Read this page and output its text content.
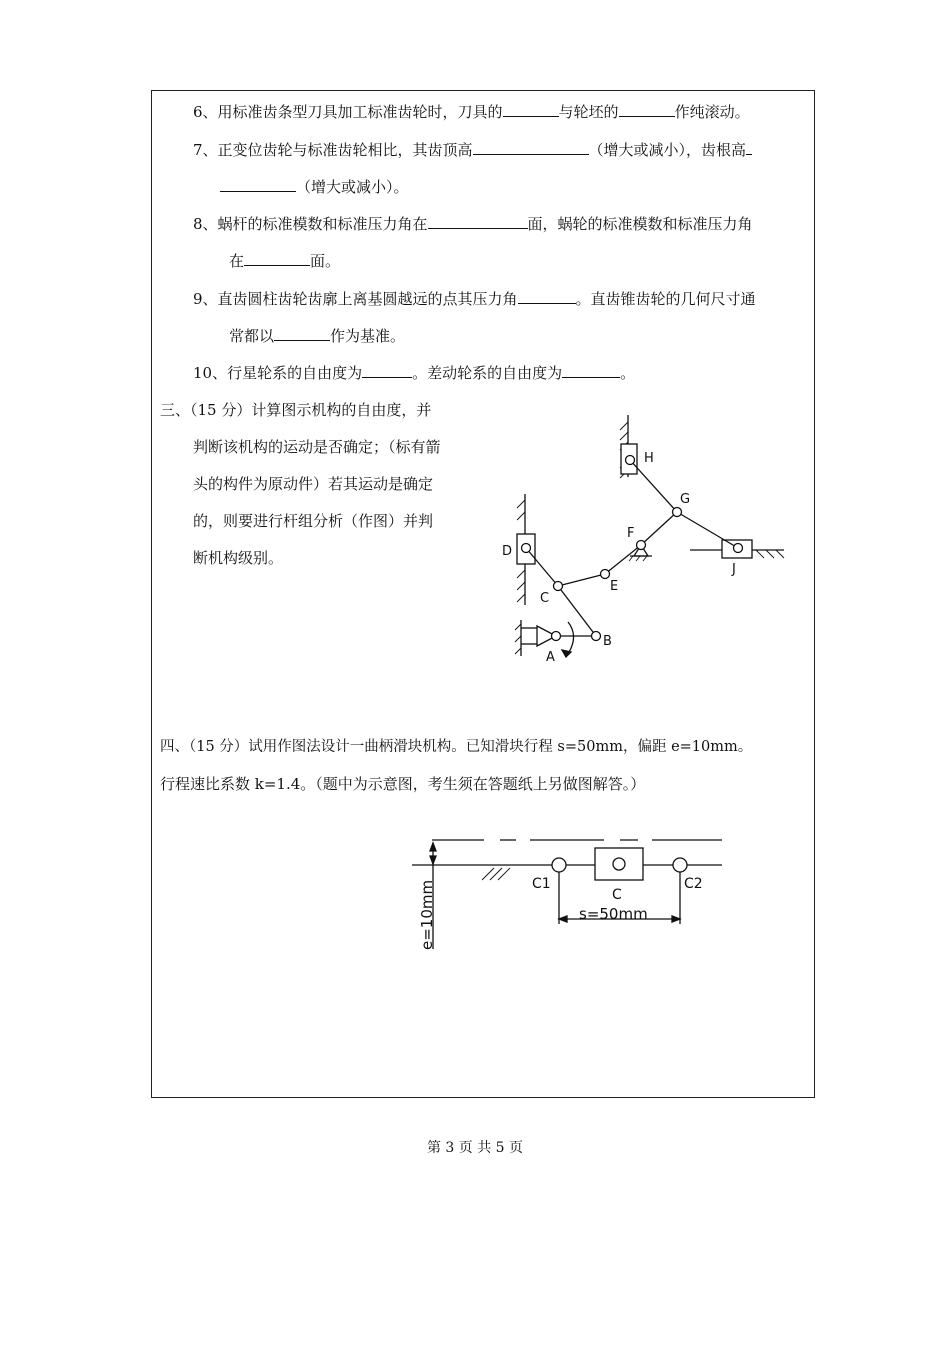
6、用标准齿条型刀具加工标准齿轮时，刀具的	与轮坯的	作纯滚动。
7、正变位齿轮与标准齿轮相比，其齿顶高	（增大或减小），齿根高
（增大或减小）。
8、蜗杆的标准模数和标准压力角在	面，蜗轮的标准模数和标准压力角
在	面。
9、直齿圆柱齿轮齿廓上离基圆越远的点其压力角	。直齿锥齿轮的几何尺寸通
常都以	作为基准。
10、行星轮系的自由度为	。差动轮系的自由度为	。
三、（15 分）计算图示机构的自由度，并
判断该机构的运动是否确定；（标有箭
头的构件为原动件）若其运动是确定
的，则要进行杆组分析（作图）并判
断机构级别。
H
G
F
D
E
C
J
A
B
四、（15 分）试用作图法设计一曲柄滑块机构。已知滑块行程 s=50mm，偏距 e=10mm。
行程速比系数 k=1.4。（题中为示意图，考生须在答题纸上另做图解答。）
C1
C
C2
s=50mm
e=10mm
第 3 页 共 5 页
